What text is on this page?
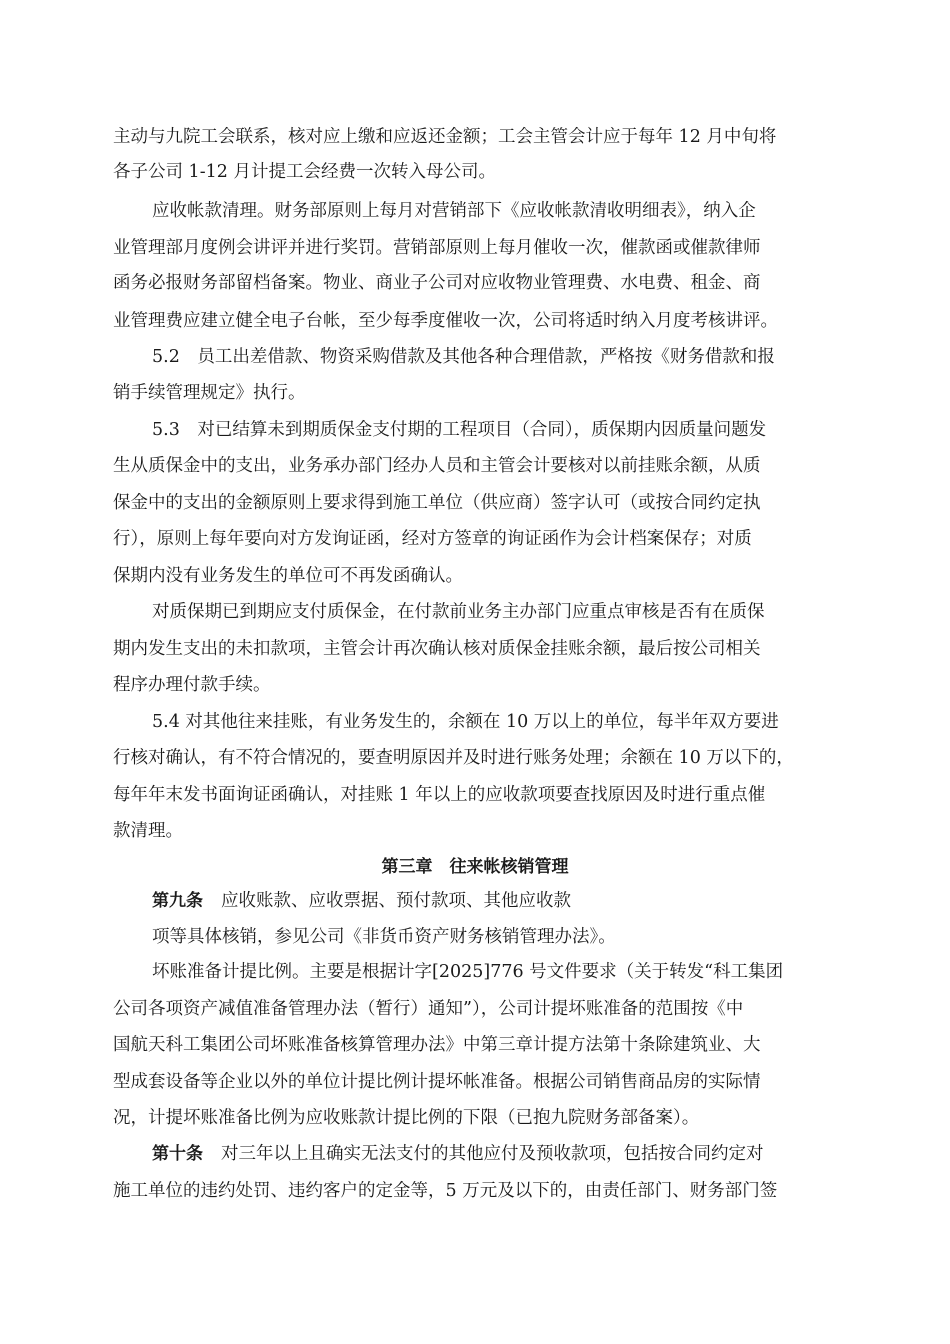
主动与九院工会联系，核对应上缴和应返还金额；工会主管会计应于每年 12 月中旬将
各子公司 1-12 月计提工会经费一次转入母公司。
应收帐款清理。财务部原则上每月对营销部下《应收帐款清收明细表》，纳入企
业管理部月度例会讲评并进行奖罚。营销部原则上每月催收一次，催款函或催款律师
函务必报财务部留档备案。物业、商业子公司对应收物业管理费、水电费、租金、商
业管理费应建立健全电子台帐，至少每季度催收一次，公司将适时纳入月度考核讲评。
5.2　员工出差借款、物资采购借款及其他各种合理借款，严格按《财务借款和报
销手续管理规定》执行。
5.3　对已结算未到期质保金支付期的工程项目（合同），质保期内因质量问题发
生从质保金中的支出，业务承办部门经办人员和主管会计要核对以前挂账余额，从质
保金中的支出的金额原则上要求得到施工单位（供应商）签字认可（或按合同约定执
行），原则上每年要向对方发询证函，经对方签章的询证函作为会计档案保存；对质
保期内没有业务发生的单位可不再发函确认。
对质保期已到期应支付质保金，在付款前业务主办部门应重点审核是否有在质保
期内发生支出的未扣款项，主管会计再次确认核对质保金挂账余额，最后按公司相关
程序办理付款手续。
5.4 对其他往来挂账，有业务发生的，余额在 10 万以上的单位，每半年双方要进
行核对确认，有不符合情况的，要查明原因并及时进行账务处理；余额在 10 万以下的，
每年年末发书面询证函确认，对挂账 1 年以上的应收款项要查找原因及时进行重点催
款清理。
第三章　往来帐核销管理
第九条 应收账款、应收票据、预付款项、其他应收款
项等具体核销，参见公司《非货币资产财务核销管理办法》。
坏账准备计提比例。主要是根据计字[2025]776 号文件要求（关于转发“科工集团
公司各项资产减值准备管理办法（暂行）通知”），公司计提坏账准备的范围按《中
国航天科工集团公司坏账准备核算管理办法》中第三章计提方法第十条除建筑业、大
型成套设备等企业以外的单位计提比例计提坏帐准备。根据公司销售商品房的实际情
况，计提坏账准备比例为应收账款计提比例的下限（已抱九院财务部备案）。
第十条 对三年以上且确实无法支付的其他应付及预收款项，包括按合同约定对
施工单位的违约处罚、违约客户的定金等，5 万元及以下的，由责任部门、财务部门签
